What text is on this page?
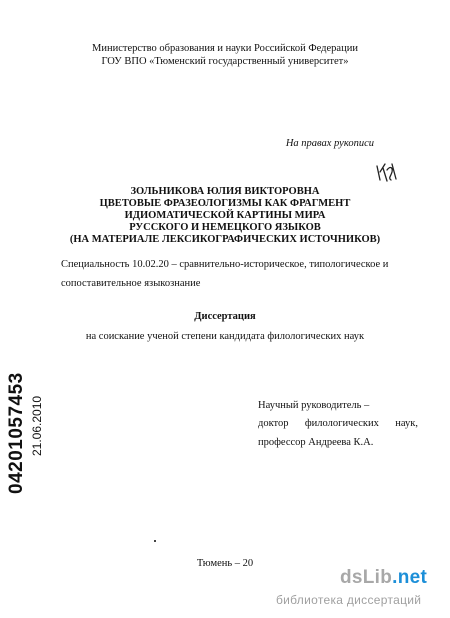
Министерство образования и науки Российской Федерации
ГОУ ВПО «Тюменский государственный университет»
На правах рукописи
ЗОЛЬНИКОВА ЮЛИЯ ВИКТОРОВНА
ЦВЕТОВЫЕ ФРАЗЕОЛОГИЗМЫ КАК ФРАГМЕНТ
ИДИОМАТИЧЕСКОЙ КАРТИНЫ МИРА
РУССКОГО И НЕМЕЦКОГО ЯЗЫКОВ
(НА МАТЕРИАЛЕ ЛЕКСИКОГРАФИЧЕСКИХ ИСТОЧНИКОВ)
Специальность 10.02.20 – сравнительно-историческое, типологическое и
сопоставительное языкознание
Диссертация
на соискание ученой степени кандидата филологических наук
Научный руководитель –
доктор филологических наук,
профессор Андреева К.А.
04201057453 21.06.2010
Тюмень – 20
dsLib.net
библиотека диссертаций
